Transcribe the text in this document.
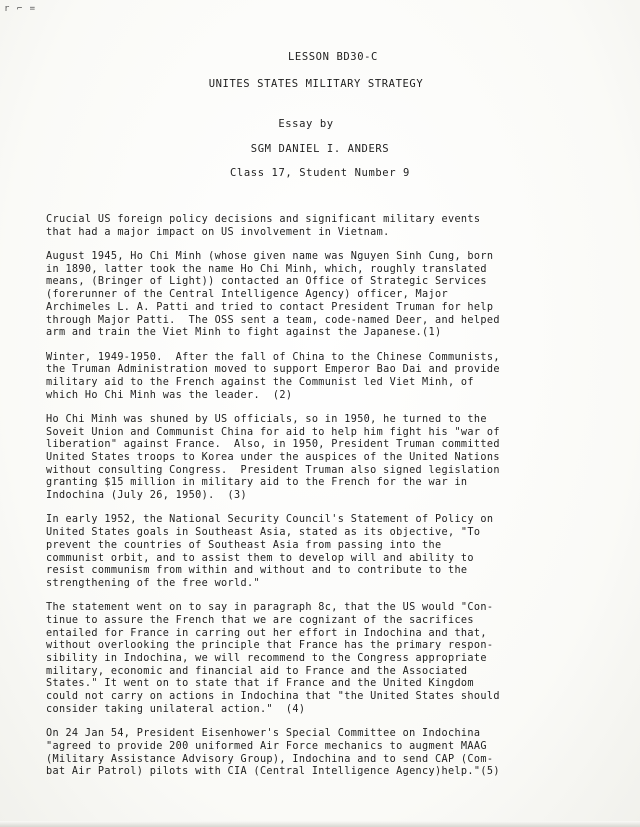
r ⌐ =
LESSON BD30-C
UNITES STATES MILITARY STRATEGY
Essay by
SGM DANIEL I. ANDERS
Class 17, Student Number 9
Crucial US foreign policy decisions and significant military events
that had a major impact on US involvement in Vietnam.
August 1945, Ho Chi Minh (whose given name was Nguyen Sinh Cung, born
in 1890, latter took the name Ho Chi Minh, which, roughly translated
means, (Bringer of Light)) contacted an Office of Strategic Services
(forerunner of the Central Intelligence Agency) officer, Major
Archimeles L. A. Patti and tried to contact President Truman for help
through Major Patti.  The OSS sent a team, code-named Deer, and helped
arm and train the Viet Minh to fight against the Japanese.(1)
Winter, 1949-1950.  After the fall of China to the Chinese Communists,
the Truman Administration moved to support Emperor Bao Dai and provide
military aid to the French against the Communist led Viet Minh, of
which Ho Chi Minh was the leader.  (2)
Ho Chi Minh was shuned by US officials, so in 1950, he turned to the
Soveit Union and Communist China for aid to help him fight his "war of
liberation" against France.  Also, in 1950, President Truman committed
United States troops to Korea under the auspices of the United Nations
without consulting Congress.  President Truman also signed legislation
granting $15 million in military aid to the French for the war in
Indochina (July 26, 1950).  (3)
In early 1952, the National Security Council's Statement of Policy on
United States goals in Southeast Asia, stated as its objective, "To
prevent the countries of Southeast Asia from passing into the
communist orbit, and to assist them to develop will and ability to
resist communism from within and without and to contribute to the
strengthening of the free world."
The statement went on to say in paragraph 8c, that the US would "Con-
tinue to assure the French that we are cognizant of the sacrifices
entailed for France in carring out her effort in Indochina and that,
without overlooking the principle that France has the primary respon-
sibility in Indochina, we will recommend to the Congress appropriate
military, economic and financial aid to France and the Associated
States." It went on to state that if France and the United Kingdom
could not carry on actions in Indochina that "the United States should
consider taking unilateral action."  (4)
On 24 Jan 54, President Eisenhower's Special Committee on Indochina
"agreed to provide 200 uniformed Air Force mechanics to augment MAAG
(Military Assistance Advisory Group), Indochina and to send CAP (Com-
bat Air Patrol) pilots with CIA (Central Intelligence Agency)help."(5)
